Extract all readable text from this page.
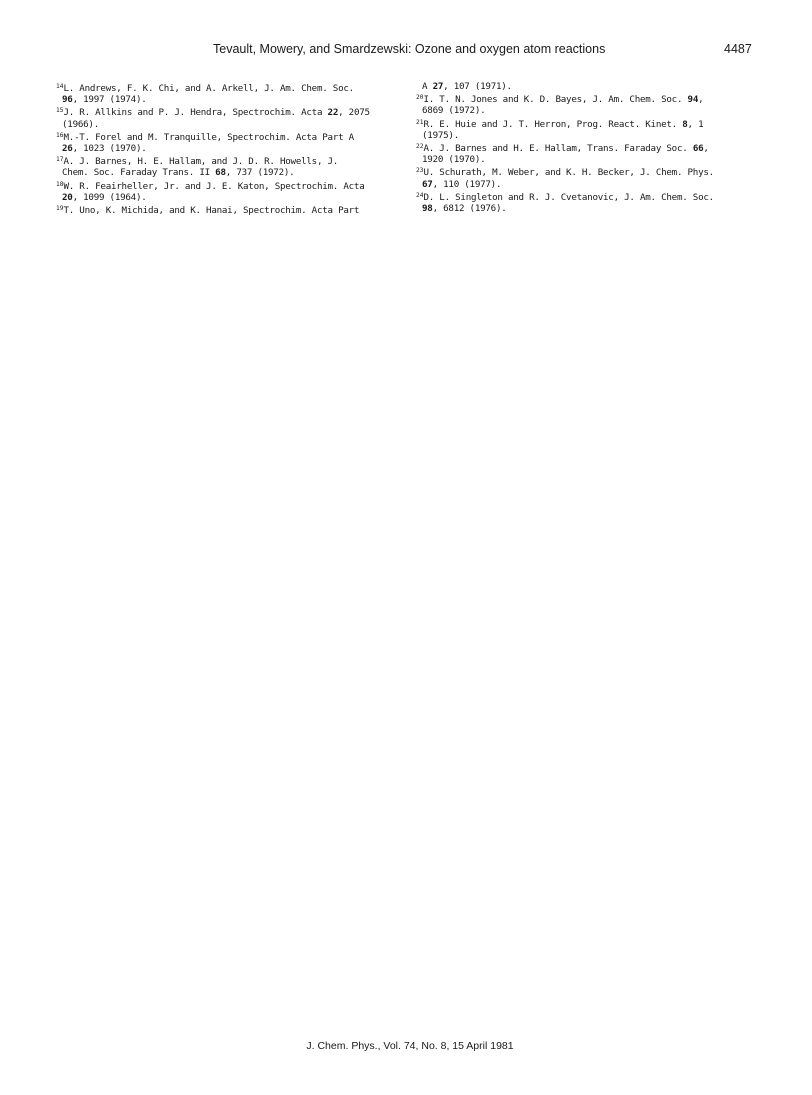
Tevault, Mowery, and Smardzewski: Ozone and oxygen atom reactions	4487
$^{14}$L. Andrews, F. K. Chi, and A. Arkell, J. Am. Chem. Soc.
96, 1997 (1974).
$^{15}$J. R. Allkins and P. J. Hendra, Spectrochim. Acta 22, 2075
(1966).
$^{16}$M.-T. Forel and M. Tranquille, Spectrochim. Acta Part A
26, 1023 (1970).
$^{17}$A. J. Barnes, H. E. Hallam, and J. D. R. Howells, J.
Chem. Soc. Faraday Trans. II 68, 737 (1972).
$^{18}$W. R. Feairheller, Jr. and J. E. Katon, Spectrochim. Acta
20, 1099 (1964).
$^{19}$T. Uno, K. Michida, and K. Hanai, Spectrochim. Acta Part
A 27, 107 (1971).
$^{20}$I. T. N. Jones and K. D. Bayes, J. Am. Chem. Soc. 94,
6869 (1972).
$^{21}$R. E. Huie and J. T. Herron, Prog. React. Kinet. 8, 1
(1975).
$^{22}$A. J. Barnes and H. E. Hallam, Trans. Faraday Soc. 66,
1920 (1970).
$^{23}$U. Schurath, M. Weber, and K. H. Becker, J. Chem. Phys.
67, 110 (1977).
$^{24}$D. L. Singleton and R. J. Cvetanovic, J. Am. Chem. Soc.
98, 6812 (1976).
J. Chem. Phys., Vol. 74, No. 8, 15 April 1981
